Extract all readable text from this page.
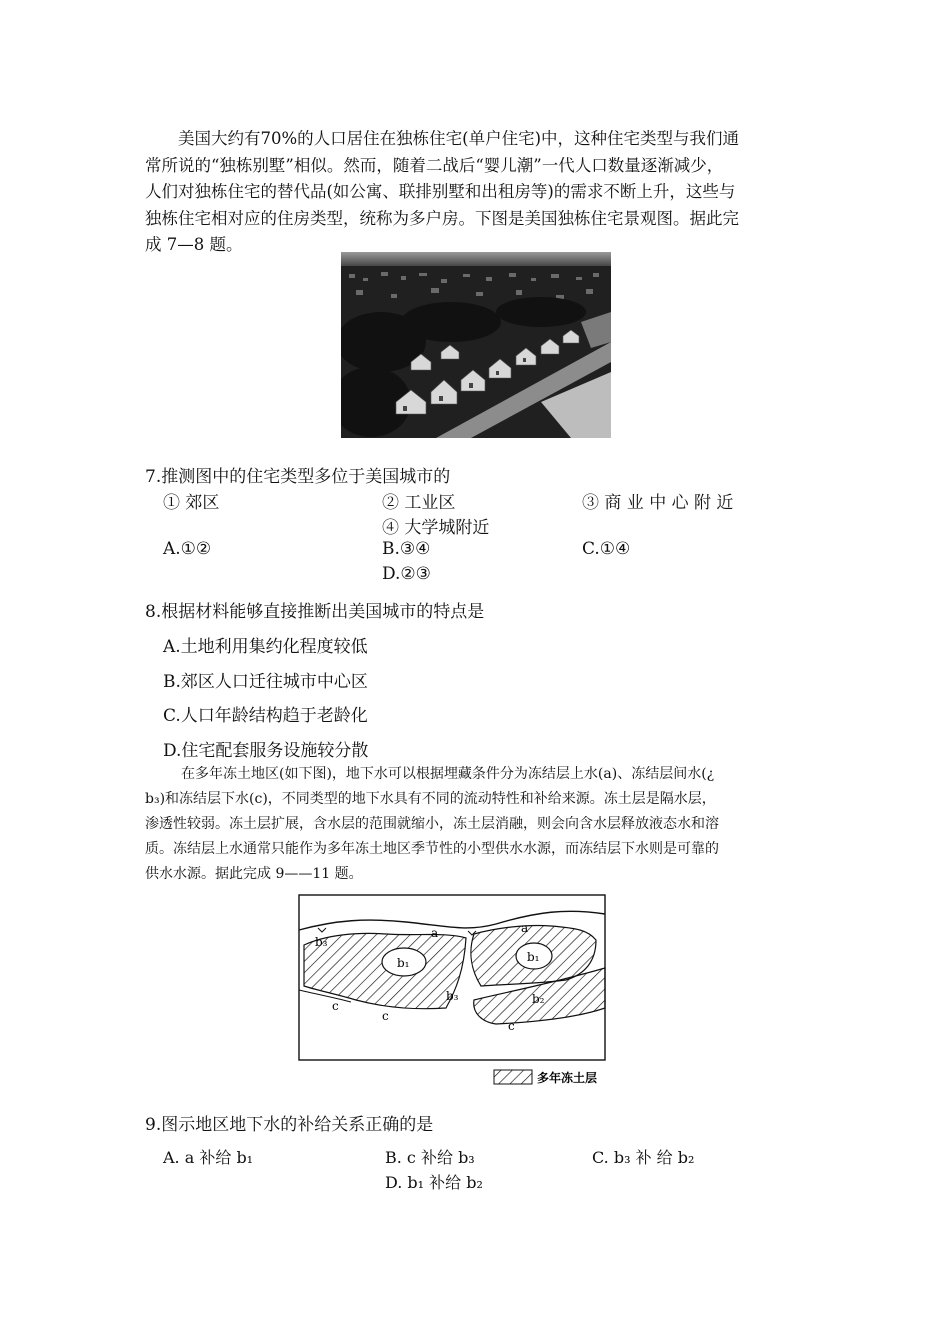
美国大约有70%的人口居住在独栋住宅(单户住宅)中，这种住宅类型与我们通
常所说的“独栋别墅”相似。然而，随着二战后“婴儿潮”一代人口数量逐渐减少，
人们对独栋住宅的替代品(如公寓、联排别墅和出租房等)的需求不断上升，这些与
独栋住宅相对应的住房类型，统称为多户房。下图是美国独栋住宅景观图。据此完
成 7—8 题。
7.推测图中的住宅类型多位于美国城市的
① 郊区	② 工业区	③ 商 业 中 心 附 近
④ 大学城附近
A.①②	B.③④	C.①④
D.②③
8.根据材料能够直接推断出美国城市的特点是
A.土地利用集约化程度较低
B.郊区人口迁往城市中心区
C.人口年龄结构趋于老龄化
D.住宅配套服务设施较分散
在多年冻土地区(如下图)，地下水可以根据埋藏条件分为冻结层上水(a)、冻结层间水(¿
b₃)和冻结层下水(c)，不同类型的地下水具有不同的流动特性和补给来源。冻土层是隔水层，
渗透性较弱。冻土层扩展，含水层的范围就缩小，冻土层消融，则会向含水层释放液态水和溶
质。冻结层上水通常只能作为多年冻土地区季节性的小型供水水源，而冻结层下水则是可靠的
供水水源。据此完成 9——11 题。
a	a
b₁	b₁
b₃
b₃	b₂
c
c
c
多年冻土层
9.图示地区地下水的补给关系正确的是
A. a 补给 b₁	B. c 补给 b₃	C. b₃ 补 给 b₂
D. b₁ 补给 b₂
